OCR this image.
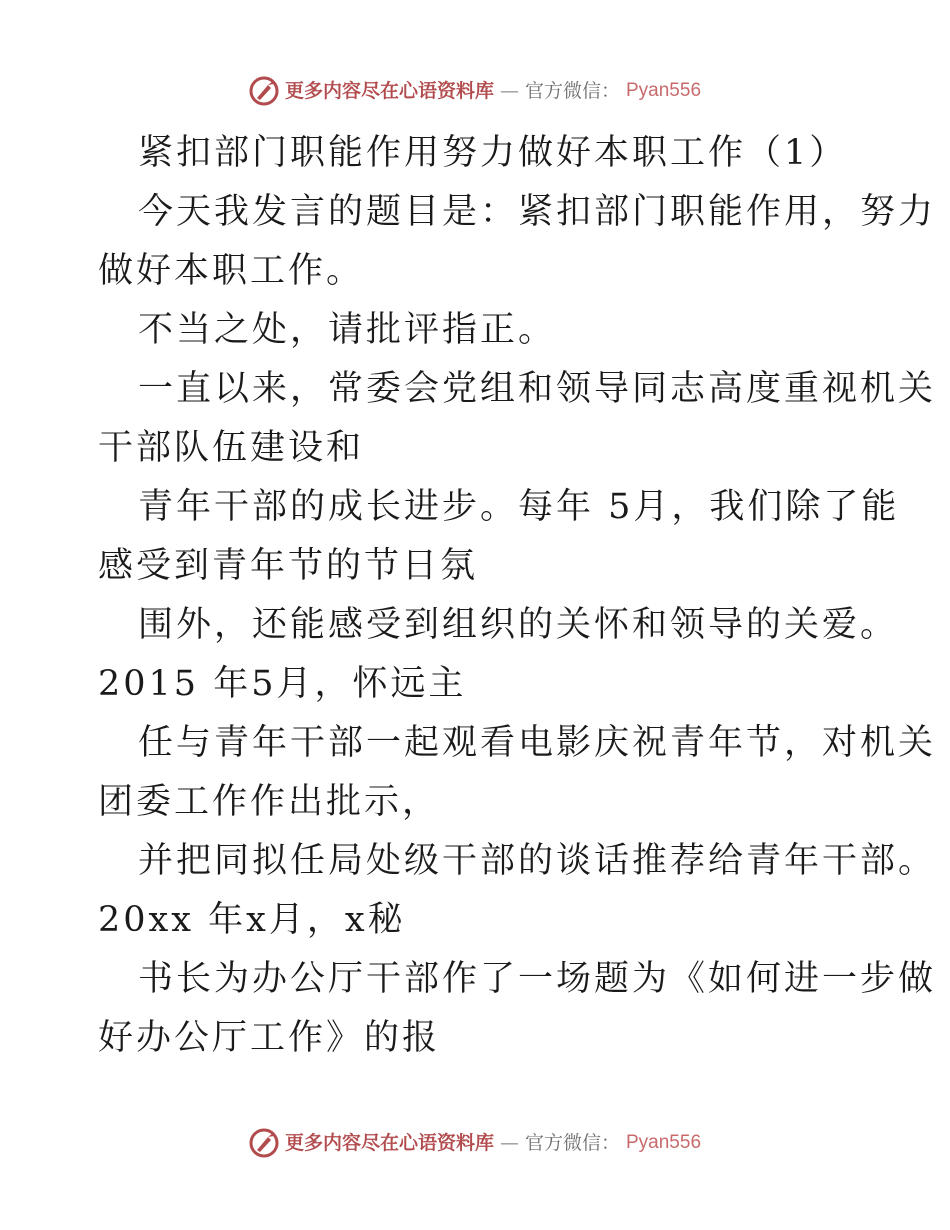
更多内容尽在心语资料库 — 官方微信： Pyan556

紧扣部门职能作用努力做好本职工作（1）

今天我发言的题目是：紧扣部门职能作用，努力
做好本职工作。

不当之处，请批评指正。

一直以来，常委会党组和领导同志高度重视机关
干部队伍建设和

青年干部的成长进步。每年 5月，我们除了能
感受到青年节的节日氛

围外，还能感受到组织的关怀和领导的关爱。
2015 年5月，怀远主

任与青年干部一起观看电影庆祝青年节，对机关
团委工作作出批示，

并把同拟任局处级干部的谈话推荐给青年干部。
20xx 年x月，x秘

书长为办公厅干部作了一场题为《如何进一步做
好办公厅工作》的报

更多内容尽在心语资料库 — 官方微信： Pyan556
